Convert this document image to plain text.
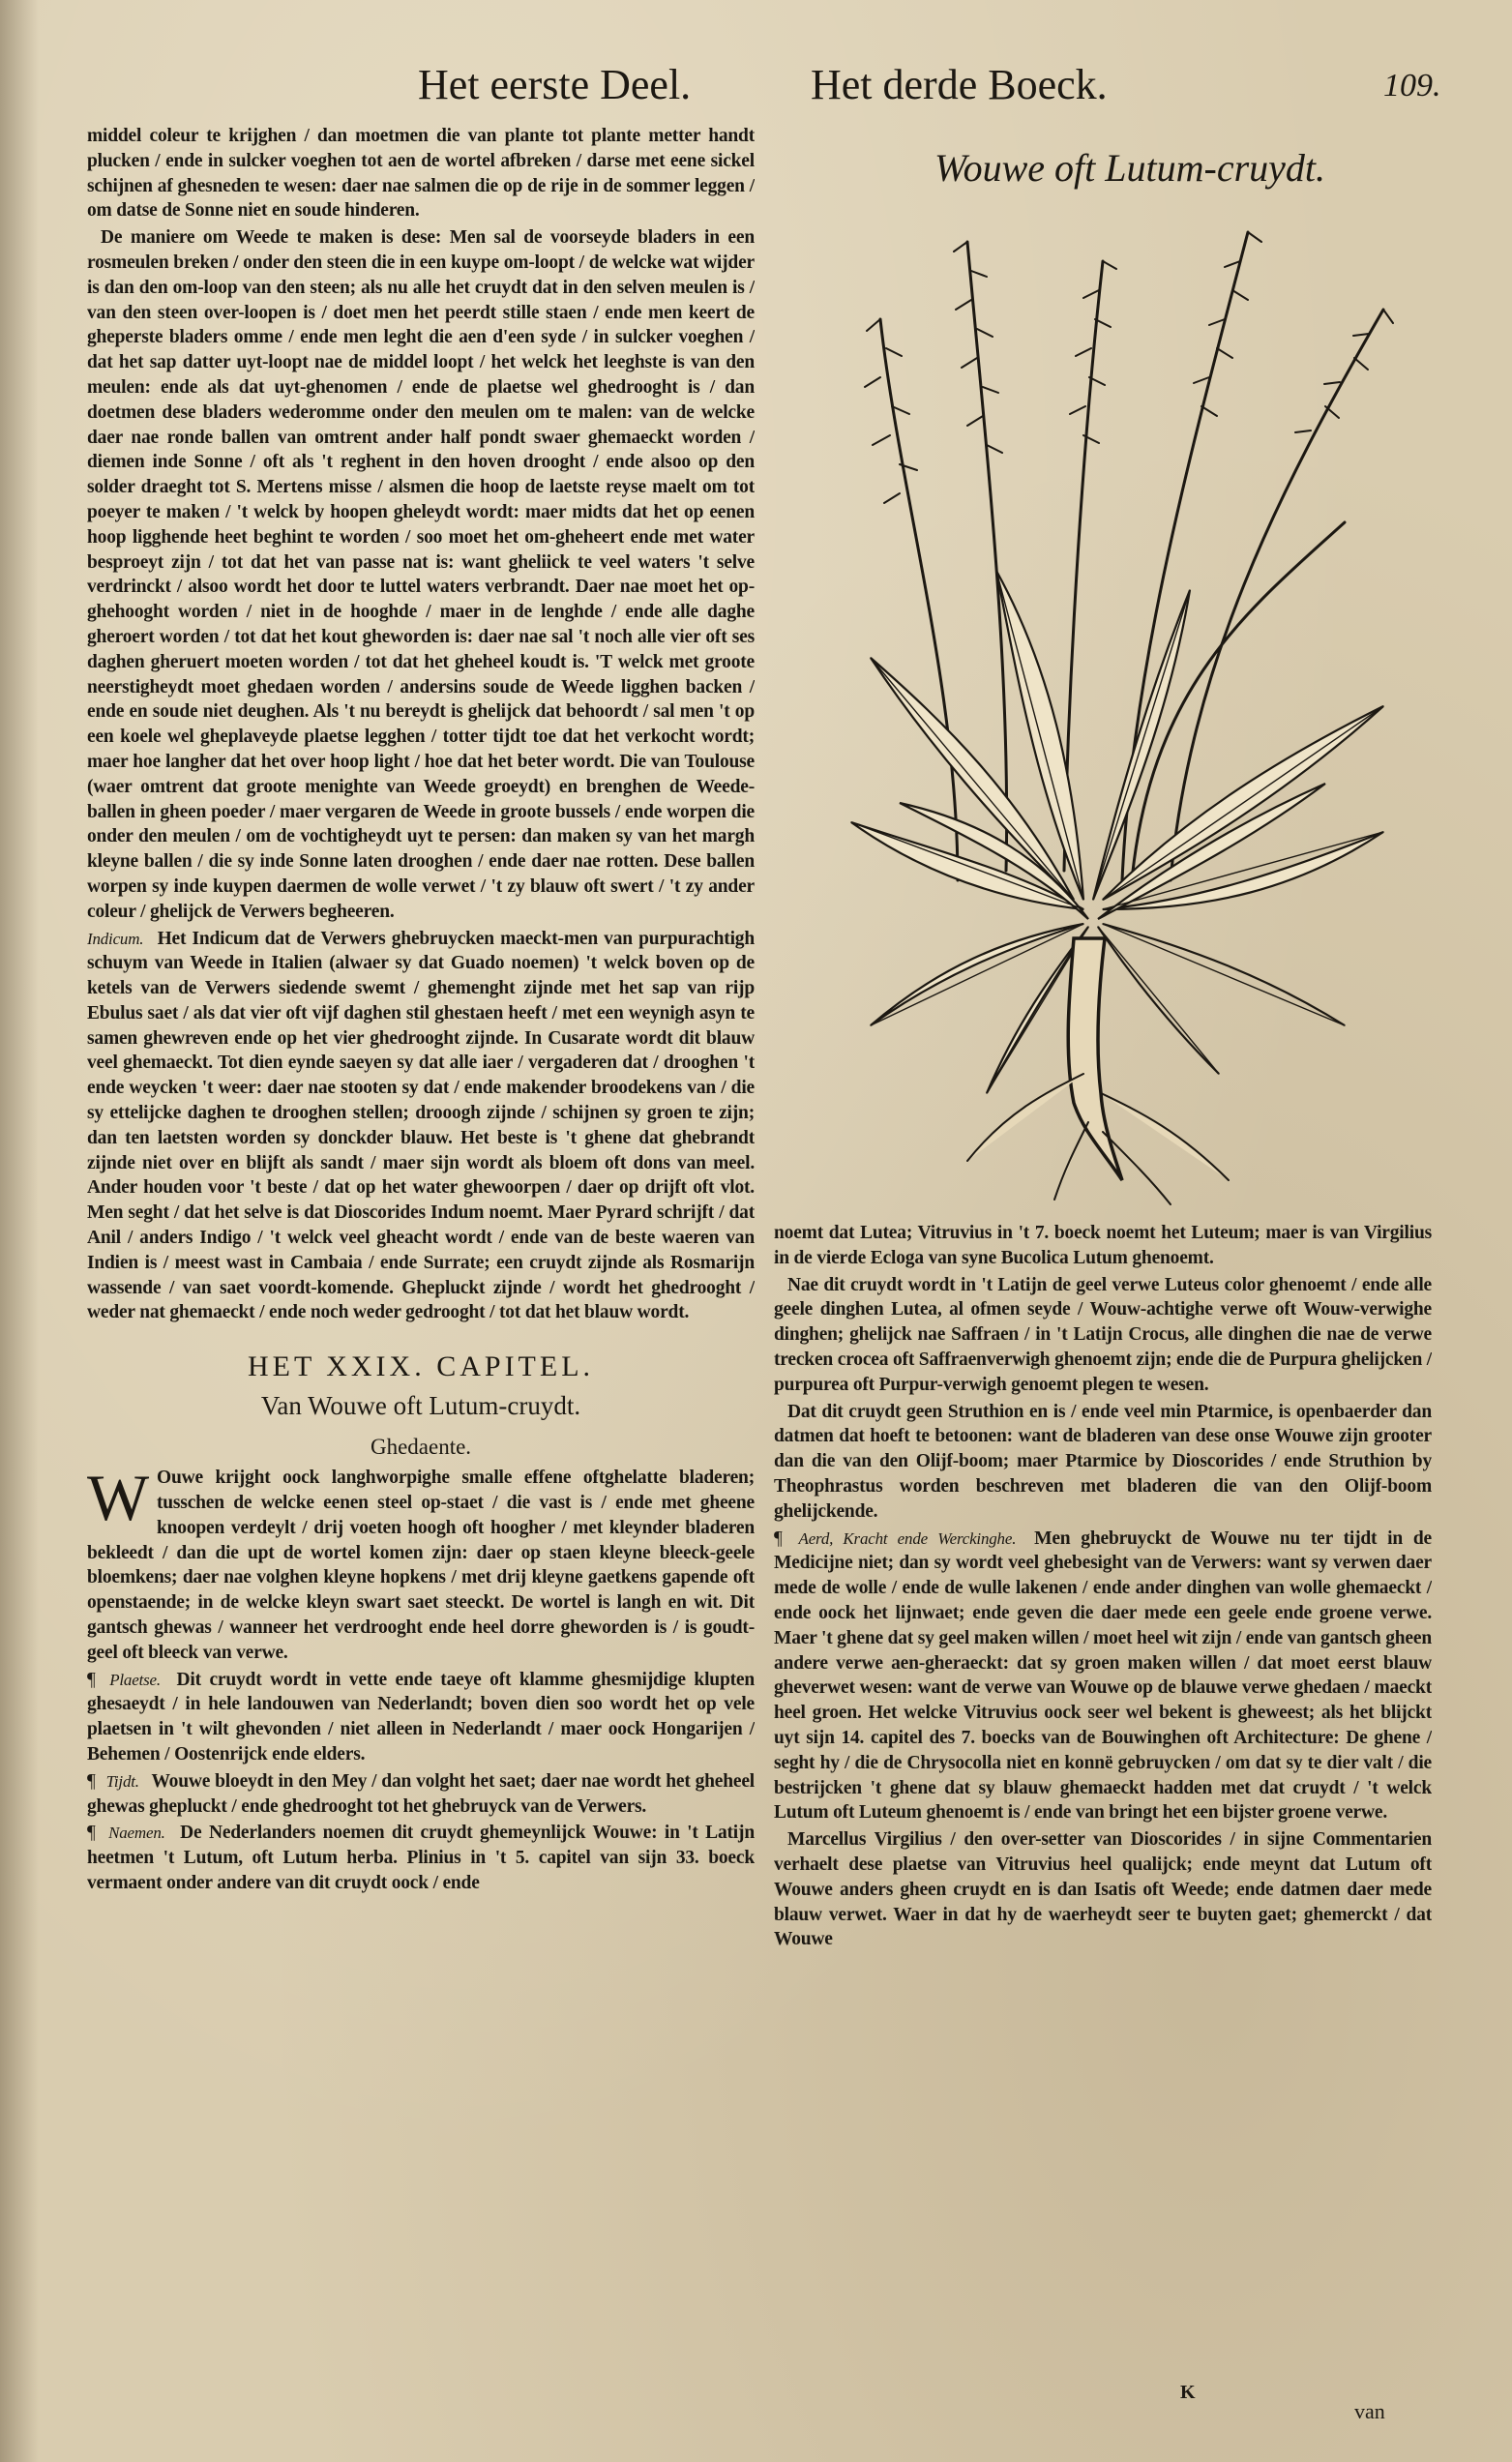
Het eerste Deel.	Het derde Boeck.	109.

middel coleur te krijghen / dan moetmen die van plante tot plante metter handt plucken / ende in sulcker voeghen tot aen de wortel afbreken / darse met eene sickel schijnen af ghesneden te wesen: daer nae salmen die op de rije in de sommer leggen / om datse de Sonne niet en soude hinderen.

De maniere om Weede te maken is dese: Men sal de voorseyde bladers in een rosmeulen breken / onder den steen die in een kuype om-loopt / de welcke wat wijder is dan den om-loop van den steen; als nu alle het cruydt dat in den selven meulen is / van den steen over-loopen is / doet men het peerdt stille staen / ende men keert de gheperste bladers omme / ende men leght die aen d'een syde / in sulcker voeghen / dat het sap datter uyt-loopt nae de middel loopt / het welck het leeghste is van den meulen: ende als dat uyt-ghenomen / ende de plaetse wel ghedrooght is / dan doetmen dese bladers wederomme onder den meulen om te malen: van de welcke daer nae ronde ballen van omtrent ander half pondt swaer ghemaeckt worden / diemen inde Sonne / oft als 't reghent in den hoven drooght / ende alsoo op den solder draeght tot S. Mertens misse / alsmen die hoop de laetste reyse maelt om tot poeyer te maken / 't welck by hoopen gheleydt wordt: maer midts dat het op eenen hoop ligghende heet beghint te worden / soo moet het om-gheheert ende met water besproeyt zijn / tot dat het van passe nat is: want gheliick te veel waters 't selve verdrinckt / alsoo wordt het door te luttel waters verbrandt. Daer nae moet het op-ghehooght worden / niet in de hooghde / maer in de lenghde / ende alle daghe gheroert worden / tot dat het kout gheworden is: daer nae sal 't noch alle vier oft ses daghen gheruert moeten worden / tot dat het gheheel koudt is. 'T welck met groote neerstigheydt moet ghedaen worden / andersins soude de Weede ligghen backen / ende en soude niet deughen. Als 't nu bereydt is ghelijck dat behoordt / sal men 't op een koele wel gheplaveyde plaetse legghen / totter tijdt toe dat het verkocht wordt; maer hoe langher dat het over hoop light / hoe dat het beter wordt. Die van Toulouse (waer omtrent dat groote menighte van Weede groeydt) en brenghen de Weede-ballen in gheen poeder / maer vergaren de Weede in groote bussels / ende worpen die onder den meulen / om de vochtigheydt uyt te persen: dan maken sy van het margh kleyne ballen / die sy inde Sonne laten drooghen / ende daer nae rotten. Dese ballen worpen sy inde kuypen daermen de wolle verwet / 't zy blauw oft swert / 't zy ander coleur / ghelijck de Verwers begheeren.

Indicum. Het Indicum dat de Verwers ghebruycken maeckt-men van purpurachtigh schuym van Weede in Italien (alwaer sy dat Guado noemen) 't welck boven op de ketels van de Verwers siedende swemt / ghemenght zijnde met het sap van rijp Ebulus saet / als dat vier oft vijf daghen stil ghestaen heeft / met een weynigh asyn te samen ghewreven ende op het vier ghedrooght zijnde. In Cusarate wordt dit blauw veel ghemaeckt. Tot dien eynde saeyen sy dat alle iaer / vergaderen dat / drooghen 't ende weycken 't weer: daer nae stooten sy dat / ende makender broodekens van / die sy ettelijcke daghen te drooghen stellen; drooogh zijnde / schijnen sy groen te zijn; dan ten laetsten worden sy donckder blauw. Het beste is 't ghene dat ghebrandt zijnde niet over en blijft als sandt / maer sijn wordt als bloem oft dons van meel. Ander houden voor 't beste / dat op het water ghewoorpen / daer op drijft oft vlot. Men seght / dat het selve is dat Dioscorides Indum noemt. Maer Pyrard schrijft / dat Anil / anders Indigo / 't welck veel gheacht wordt / ende van de beste waeren van Indien is / meest wast in Cambaia / ende Surrate; een cruydt zijnde als Rosmarijn wassende / van saet voordt-komende. Ghepluckt zijnde / wordt het ghedrooght / weder nat ghemaeckt / ende noch weder gedrooght / tot dat het blauw wordt.

HET XXIX. CAPITEL.
Van Wouwe oft Lutum-cruydt.
Ghedaente.

W Ouwe krijght oock langhworpighe smalle effene oftghelatte bladeren; tusschen de welcke eenen steel op-staet / die vast is / ende met gheene knoopen verdeylt / drij voeten hoogh oft hoogher / met kleynder bladeren bekleedt / dan die upt de wortel komen zijn: daer op staen kleyne bleeck-geele bloemkens; daer nae volghen kleyne hopkens / met drij kleyne gaetkens gapende oft openstaende; in de welcke kleyn swart saet steeckt. De wortel is langh en wit. Dit gantsch ghewas / wanneer het verdrooght ende heel dorre gheworden is / is goudt-geel oft bleeck van verwe.

¶ Plaetse. Dit cruydt wordt in vette ende taeye oft klamme ghesmijdige klupten ghesaeydt / in hele landouwen van Nederlandt; boven dien soo wordt het op vele plaetsen in 't wilt ghevonden / niet alleen in Nederlandt / maer oock Hongarijen / Behemen / Oostenrijck ende elders.

¶ Tijdt. Wouwe bloeydt in den Mey / dan volght het saet; daer nae wordt het gheheel ghewas ghepluckt / ende ghedrooght tot het ghebruyck van de Verwers.

¶ Naemen. De Nederlanders noemen dit cruydt ghemeynlijck Wouwe: in 't Latijn heetmen 't Lutum, oft Lutum herba. Plinius in 't 5. capitel van sijn 33. boeck vermaent onder andere van dit cruydt oock / ende

Wouwe oft Lutum-cruydt.

noemt dat Lutea; Vitruvius in 't 7. boeck noemt het Luteum; maer is van Virgilius in de vierde Ecloga van syne Bucolica Lutum ghenoemt.

Nae dit cruydt wordt in 't Latijn de geel verwe Luteus color ghenoemt / ende alle geele dinghen Lutea, al ofmen seyde / Wouw-achtighe verwe oft Wouw-verwighe dinghen; ghelijck nae Saffraen / in 't Latijn Crocus, alle dinghen die nae de verwe trecken crocea oft Saffraenverwigh ghenoemt zijn; ende die de Purpura ghelijcken / purpurea oft Purpur-verwigh genoemt plegen te wesen.

Dat dit cruydt geen Struthion en is / ende veel min Ptarmice, is openbaerder dan datmen dat hoeft te betoonen: want de bladeren van dese onse Wouwe zijn grooter dan die van den Olijf-boom; maer Ptarmice by Dioscorides / ende Struthion by Theophrastus worden beschreven met bladeren die van den Olijf-boom ghelijckende.

¶ Aerd, Kracht ende Werckinghe. Men ghebruyckt de Wouwe nu ter tijdt in de Medicijne niet; dan sy wordt veel ghebesight van de Verwers: want sy verwen daer mede de wolle / ende de wulle lakenen / ende ander dinghen van wolle ghemaeckt / ende oock het lijnwaet; ende geven die daer mede een geele ende groene verwe. Maer 't ghene dat sy geel maken willen / moet heel wit zijn / ende van gantsch gheen andere verwe aen-gheraeckt: dat sy groen maken willen / dat moet eerst blauw gheverwet wesen: want de verwe van Wouwe op de blauwe verwe ghedaen / maeckt heel groen. Het welcke Vitruvius oock seer wel bekent is gheweest; als het blijckt uyt sijn 14. capitel des 7. boecks van de Bouwinghen oft Architecture: De ghene / seght hy / die de Chrysocolla niet en konnë gebruycken / om dat sy te dier valt / die bestrijcken 't ghene dat sy blauw ghemaeckt hadden met dat cruydt / 't welck Lutum oft Luteum ghenoemt is / ende van bringt het een bijster groene verwe.

Marcellus Virgilius / den over-setter van Dioscorides / in sijne Commentarien verhaelt dese plaetse van Vitruvius heel qualijck; ende meynt dat Lutum oft Wouwe anders gheen cruydt en is dan Isatis oft Weede; ende datmen daer mede blauw verwet. Waer in dat hy de waerheydt seer te buyten gaet; ghemerckt / dat Wouwe

K
van
